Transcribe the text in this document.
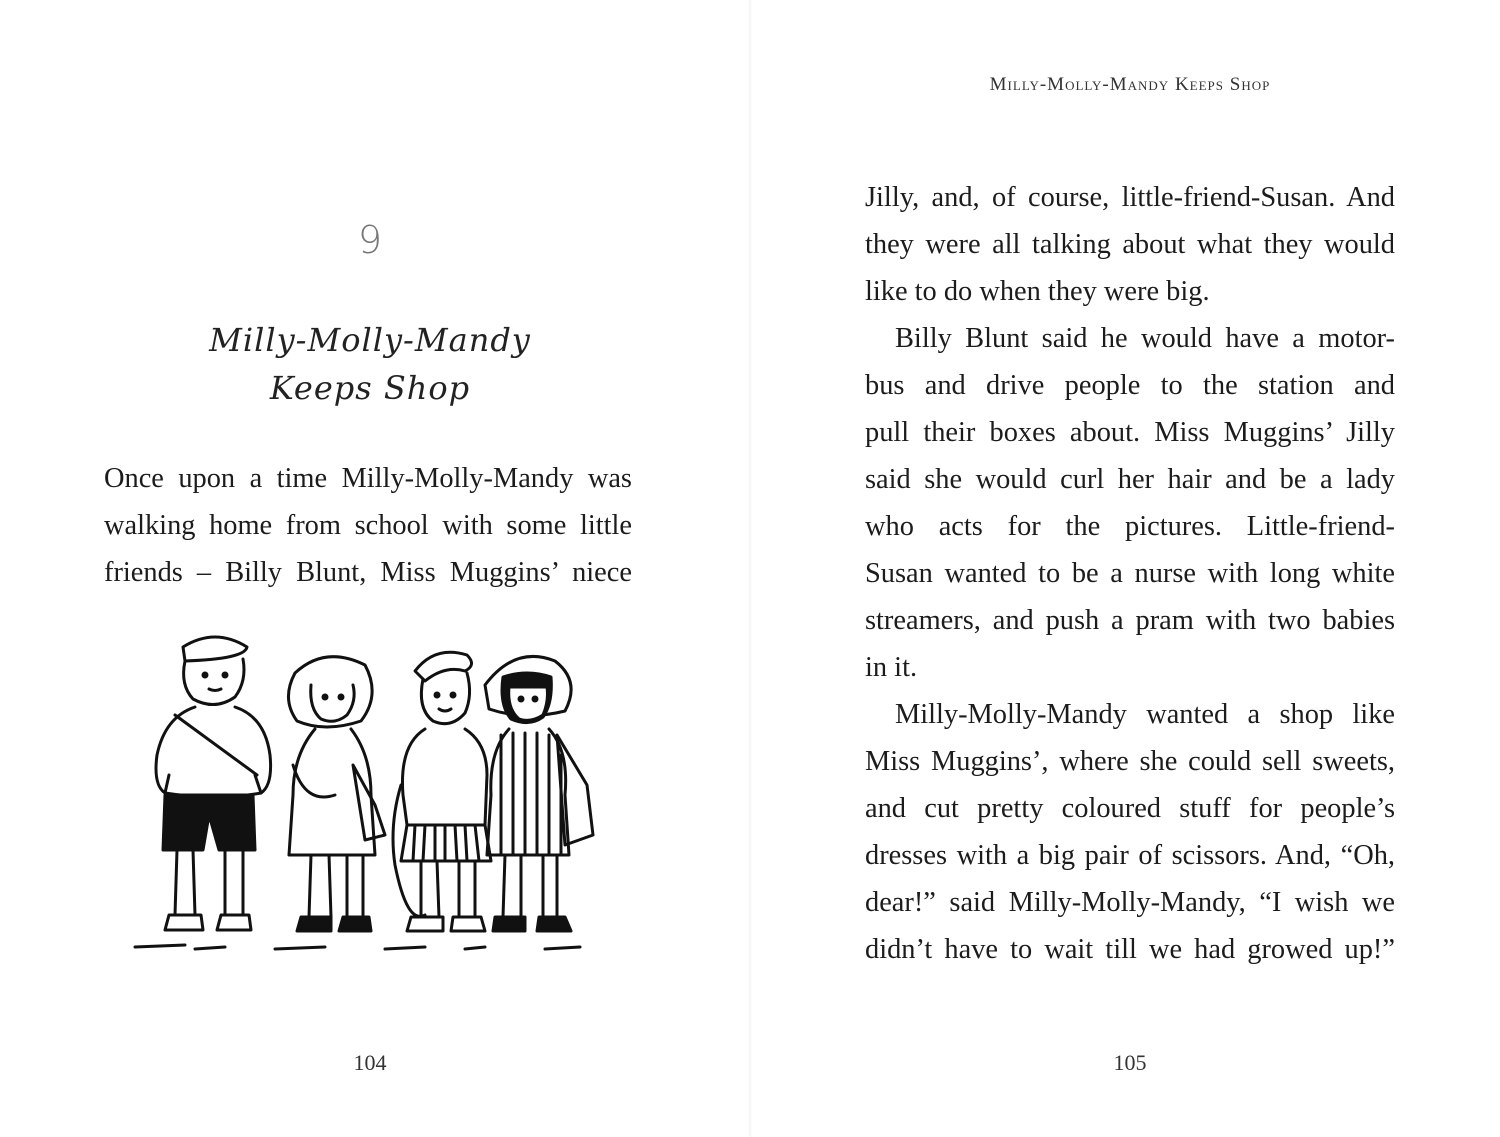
9
Milly-Molly-Mandy
Keeps Shop
Once upon a time Milly-Molly-Mandy was
walking home from school with some little
friends – Billy Blunt, Miss Muggins’ niece
104
Milly-Molly-Mandy Keeps Shop
Jilly, and, of course, little-friend-Susan. And
they were all talking about what they would
like to do when they were big.
Billy Blunt said he would have a motor-
bus and drive people to the station and
pull their boxes about. Miss Muggins’ Jilly
said she would curl her hair and be a lady
who acts for the pictures. Little-friend-
Susan wanted to be a nurse with long white
streamers, and push a pram with two babies
in it.
Milly-Molly-Mandy wanted a shop like
Miss Muggins’, where she could sell sweets,
and cut pretty coloured stuff for people’s
dresses with a big pair of scissors. And, “Oh,
dear!” said Milly-Molly-Mandy, “I wish we
didn’t have to wait till we had growed up!”
105
